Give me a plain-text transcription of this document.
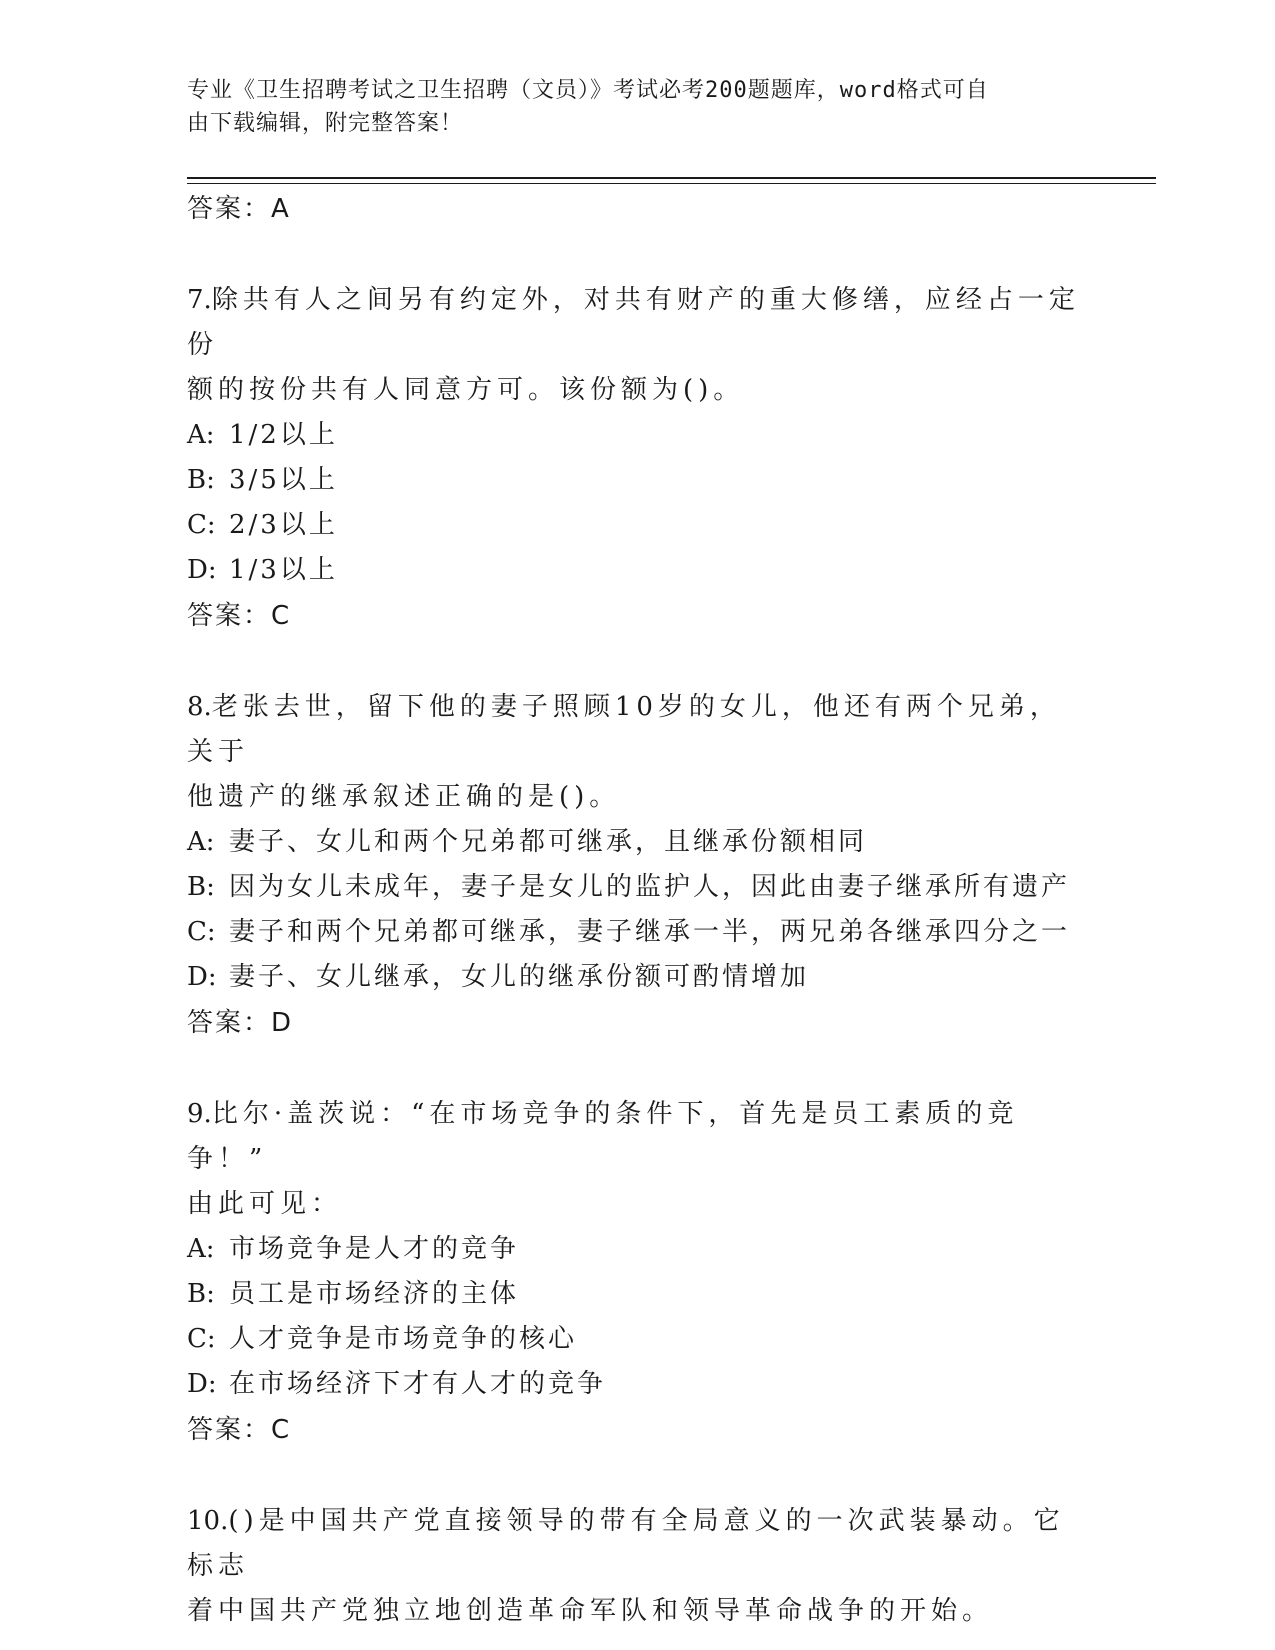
专业《卫生招聘考试之卫生招聘（文员）》考试必考200题题库，word格式可自
由下载编辑，附完整答案！
答案：A
7.除共有人之间另有约定外，对共有财产的重大修缮，应经占一定份
额的按份共有人同意方可。该份额为()。
A: 1/2以上
B: 3/5以上
C: 2/3以上
D: 1/3以上
答案：C
8.老张去世，留下他的妻子照顾10岁的女儿，他还有两个兄弟，关于
他遗产的继承叙述正确的是()。
A: 妻子、女儿和两个兄弟都可继承，且继承份额相同
B: 因为女儿未成年，妻子是女儿的监护人，因此由妻子继承所有遗产
C: 妻子和两个兄弟都可继承，妻子继承一半，两兄弟各继承四分之一
D: 妻子、女儿继承，女儿的继承份额可酌情增加
答案：D
9.比尔·盖茨说：“在市场竞争的条件下，首先是员工素质的竞争！”
由此可见：
A: 市场竞争是人才的竞争
B: 员工是市场经济的主体
C: 人才竞争是市场竞争的核心
D: 在市场经济下才有人才的竞争
答案：C
10.()是中国共产党直接领导的带有全局意义的一次武装暴动。它标志
着中国共产党独立地创造革命军队和领导革命战争的开始。
